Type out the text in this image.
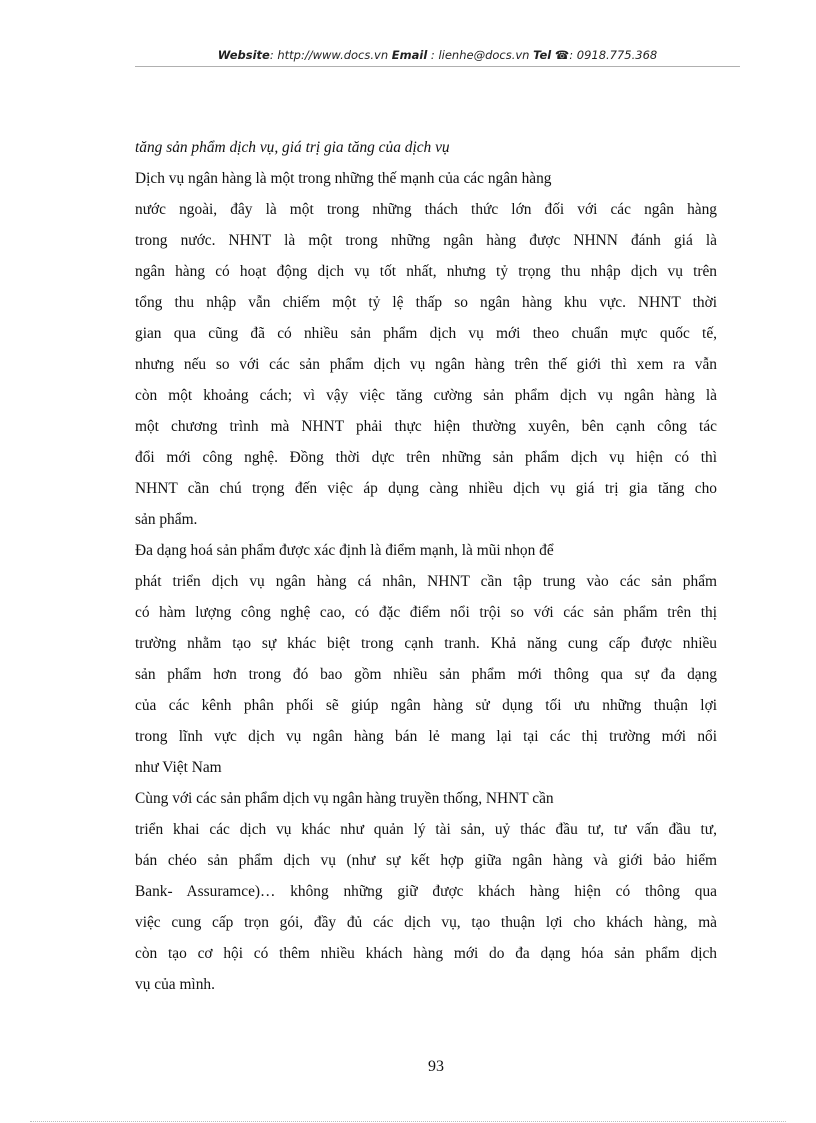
Website: http://www.docs.vn Email : lienhe@docs.vn Tel ☎: 0918.775.368
tăng sản phẩm dịch vụ, giá trị gia tăng của dịch vụ
Dịch vụ ngân hàng là một trong những thế mạnh của các ngân hàng
nước ngoài, đây là một trong những thách thức lớn đối với các ngân hàng
trong nước. NHNT là một trong những ngân hàng được NHNN đánh giá là
ngân hàng có hoạt động dịch vụ tốt nhất, nhưng tỷ trọng thu nhập dịch vụ trên
tổng thu nhập vẫn chiếm một tỷ lệ thấp so ngân hàng khu vực. NHNT thời
gian qua cũng đã có nhiều sản phẩm dịch vụ mới theo chuẩn mực quốc tế,
nhưng nếu so với các sản phẩm dịch vụ ngân hàng trên thế giới thì xem ra vẫn
còn một khoảng cách; vì vậy việc tăng cường sản phẩm dịch vụ ngân hàng là
một chương trình mà NHNT phải thực hiện thường xuyên, bên cạnh công tác
đổi mới công nghệ. Đồng thời dực trên những sản phẩm dịch vụ hiện có thì
NHNT cần chú trọng đến việc áp dụng càng nhiều dịch vụ giá trị gia tăng cho
sản phẩm.
Đa dạng hoá sản phẩm được xác định là điểm mạnh, là mũi nhọn để
phát triển dịch vụ ngân hàng cá nhân, NHNT cần tập trung vào các sản phẩm
có hàm lượng công nghệ cao, có đặc điểm nổi trội so với các sản phẩm trên thị
trường nhằm tạo sự khác biệt trong cạnh tranh. Khả năng cung cấp được nhiều
sản phẩm hơn trong đó bao gồm nhiều sản phẩm mới thông qua sự đa dạng
của các kênh phân phối sẽ giúp ngân hàng sử dụng tối ưu những thuận lợi
trong lĩnh vực dịch vụ ngân hàng bán lẻ mang lại tại các thị trường mới nổi
như Việt Nam
Cùng với các sản phẩm dịch vụ ngân hàng truyền thống, NHNT cần
triển khai các dịch vụ khác như quản lý tài sản, uỷ thác đầu tư, tư vấn đầu tư,
bán chéo sản phẩm dịch vụ (như sự kết hợp giữa ngân hàng và giới bảo hiểm
Bank- Assuramce)… không những giữ được khách hàng hiện có thông qua
việc cung cấp trọn gói, đầy đủ các dịch vụ, tạo thuận lợi cho khách hàng, mà
còn tạo cơ hội có thêm nhiều khách hàng mới do đa dạng hóa sản phẩm dịch
vụ của mình.
93
